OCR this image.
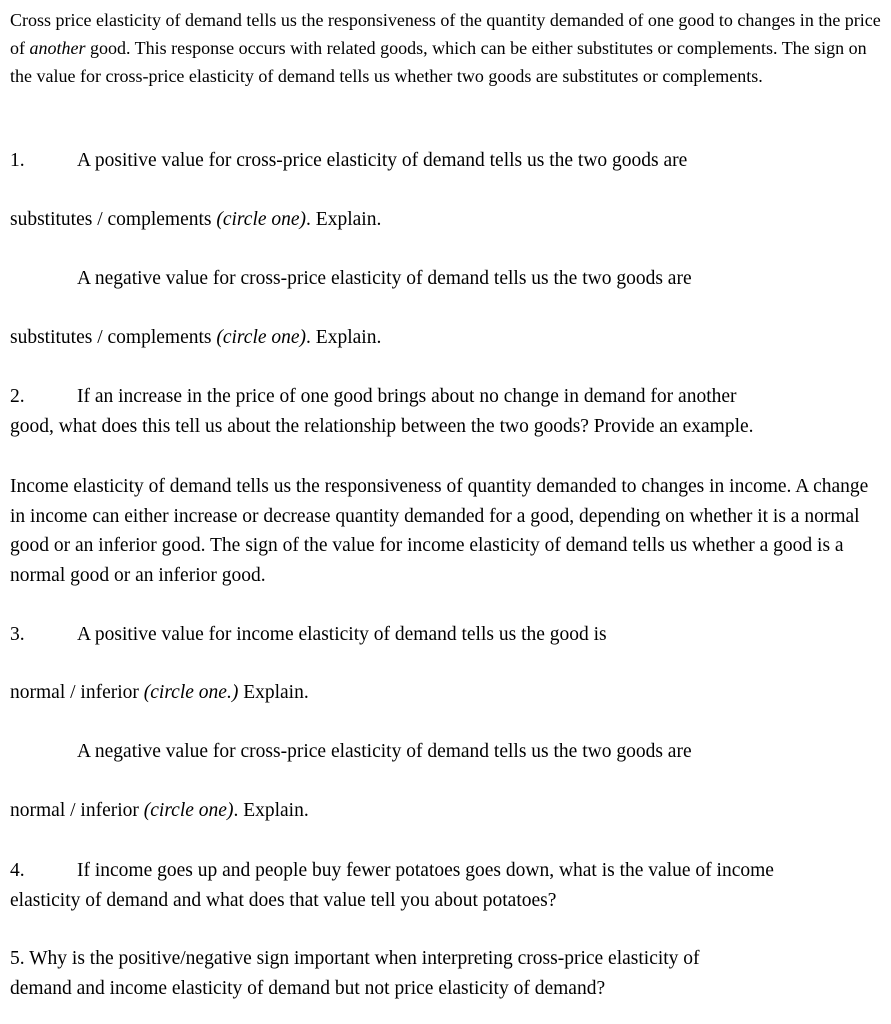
Cross price elasticity of demand tells us the responsiveness of the quantity demanded of one good to changes in the price of another good. This response occurs with related goods, which can be either substitutes or complements. The sign on the value for cross-price elasticity of demand tells us whether two goods are substitutes or complements.

1.	A positive value for cross-price elasticity of demand tells us the two goods are
substitutes / complements (circle one). Explain.
A negative value for cross-price elasticity of demand tells us the two goods are
substitutes / complements (circle one). Explain.
2.	If an increase in the price of one good brings about no change in demand for another
good, what does this tell us about the relationship between the two goods? Provide an example.

Income elasticity of demand tells us the responsiveness of quantity demanded to changes in income. A change in income can either increase or decrease quantity demanded for a good, depending on whether it is a normal good or an inferior good. The sign of the value for income elasticity of demand tells us whether a good is a normal good or an inferior good.

3.	A positive value for income elasticity of demand tells us the good is
normal / inferior (circle one.) Explain.
A negative value for cross-price elasticity of demand tells us the two goods are
normal / inferior (circle one). Explain.
4.	If income goes up and people buy fewer potatoes goes down, what is the value of income
elasticity of demand and what does that value tell you about potatoes?
5. Why is the positive/negative sign important when interpreting cross-price elasticity of
demand and income elasticity of demand but not price elasticity of demand?
